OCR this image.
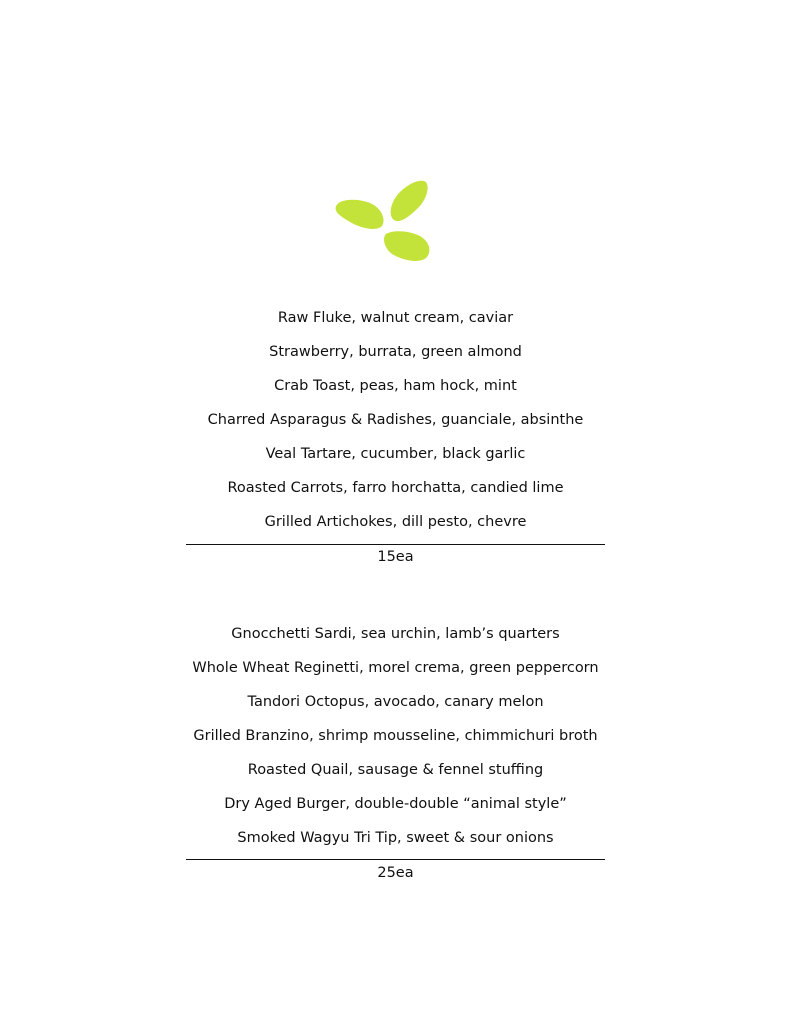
Raw Fluke, walnut cream, caviar
Strawberry, burrata, green almond
Crab Toast, peas, ham hock, mint
Charred Asparagus & Radishes, guanciale, absinthe
Veal Tartare, cucumber, black garlic
Roasted Carrots, farro horchatta, candied lime
Grilled Artichokes, dill pesto, chevre
15ea
Gnocchetti Sardi, sea urchin, lamb’s quarters
Whole Wheat Reginetti, morel crema, green peppercorn
Tandori Octopus, avocado, canary melon
Grilled Branzino, shrimp mousseline, chimmichuri broth
Roasted Quail, sausage & fennel stuffing
Dry Aged Burger, double-double “animal style”
Smoked Wagyu Tri Tip, sweet & sour onions
25ea
